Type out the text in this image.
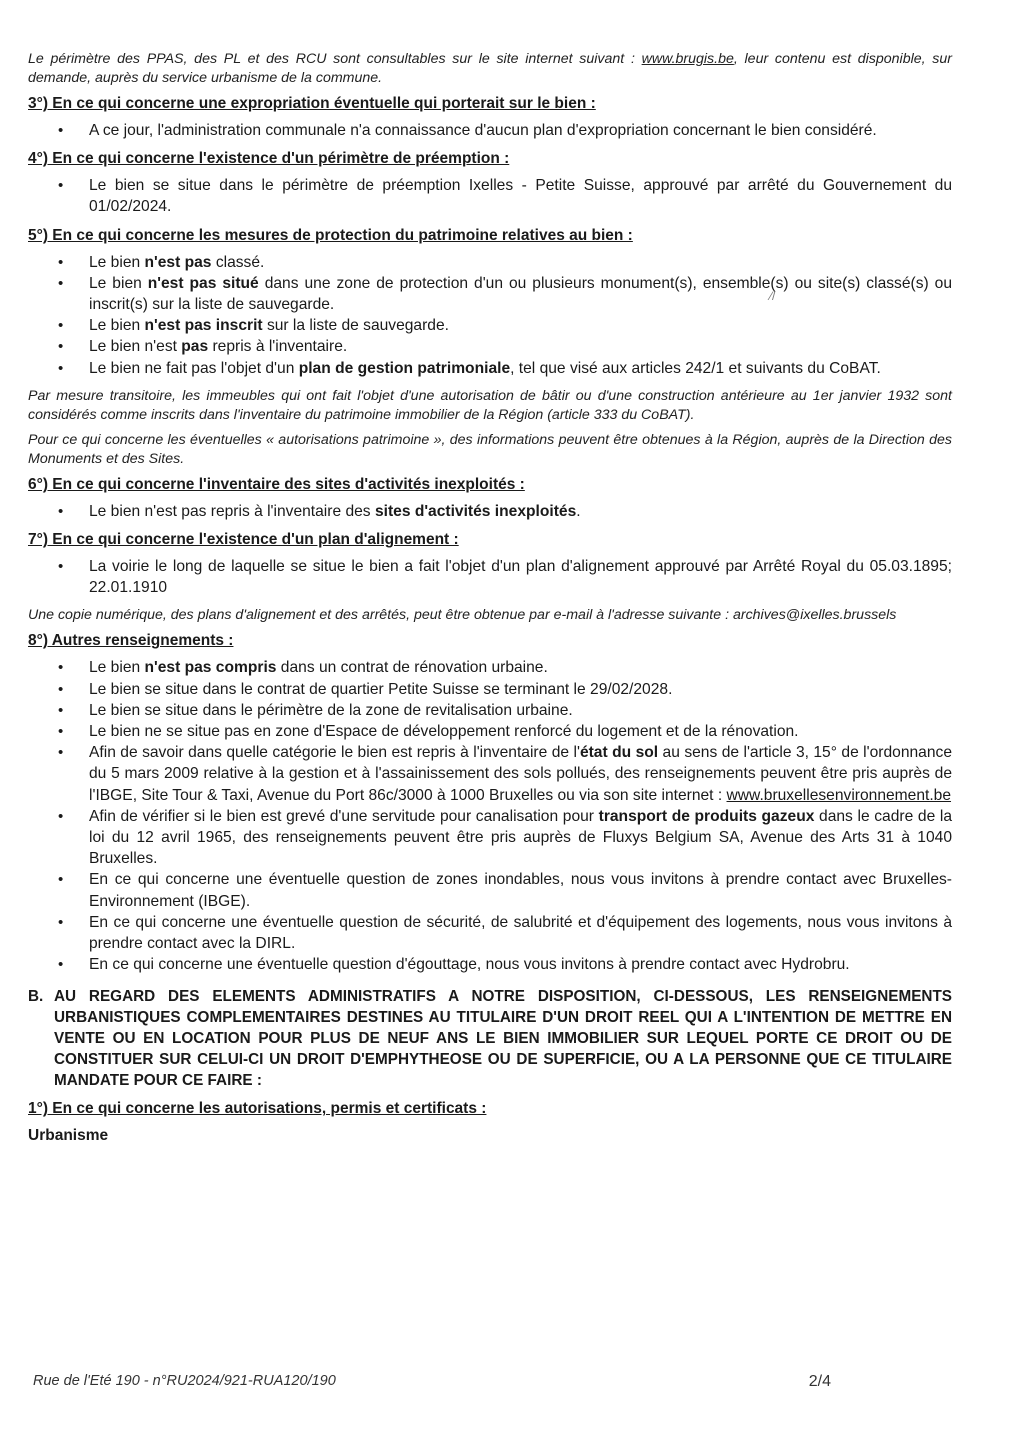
Le périmètre des PPAS, des PL et des RCU sont consultables sur le site internet suivant : www.brugis.be, leur contenu est disponible, sur demande, auprès du service urbanisme de la commune.

3°) En ce qui concerne une expropriation éventuelle qui porterait sur le bien :
• A ce jour, l'administration communale n'a connaissance d'aucun plan d'expropriation concernant le bien considéré.
4°) En ce qui concerne l'existence d'un périmètre de préemption :
• Le bien se situe dans le périmètre de préemption Ixelles - Petite Suisse, approuvé par arrêté du Gouvernement du 01/02/2024.
5°) En ce qui concerne les mesures de protection du patrimoine relatives au bien :
• Le bien n'est pas classé.
• Le bien n'est pas situé dans une zone de protection d'un ou plusieurs monument(s), ensemble(s) ou site(s) classé(s) ou inscrit(s) sur la liste de sauvegarde.
• Le bien n'est pas inscrit sur la liste de sauvegarde.
• Le bien n'est pas repris à l'inventaire.
• Le bien ne fait pas l'objet d'un plan de gestion patrimoniale, tel que visé aux articles 242/1 et suivants du CoBAT.

Par mesure transitoire, les immeubles qui ont fait l'objet d'une autorisation de bâtir ou d'une construction antérieure au 1er janvier 1932 sont considérés comme inscrits dans l'inventaire du patrimoine immobilier de la Région (article 333 du CoBAT).

Pour ce qui concerne les éventuelles « autorisations patrimoine », des informations peuvent être obtenues à la Région, auprès de la Direction des Monuments et des Sites.

6°) En ce qui concerne l'inventaire des sites d'activités inexploités :
• Le bien n'est pas repris à l'inventaire des sites d'activités inexploités.
7°) En ce qui concerne l'existence d'un plan d'alignement :
• La voirie le long de laquelle se situe le bien a fait l'objet d'un plan d'alignement approuvé par Arrêté Royal du 05.03.1895; 22.01.1910

Une copie numérique, des plans d'alignement et des arrêtés, peut être obtenue par e-mail à l'adresse suivante : archives@ixelles.brussels

8°) Autres renseignements :
• Le bien n'est pas compris dans un contrat de rénovation urbaine.
• Le bien se situe dans le contrat de quartier Petite Suisse se terminant le 29/02/2028.
• Le bien se situe dans le périmètre de la zone de revitalisation urbaine.
• Le bien ne se situe pas en zone d'Espace de développement renforcé du logement et de la rénovation.
• Afin de savoir dans quelle catégorie le bien est repris à l'inventaire de l'état du sol au sens de l'article 3, 15° de l'ordonnance du 5 mars 2009 relative à la gestion et à l'assainissement des sols pollués, des renseignements peuvent être pris auprès de l'IBGE, Site Tour & Taxi, Avenue du Port 86c/3000 à 1000 Bruxelles ou via son site internet : www.bruxellesenvironnement.be
• Afin de vérifier si le bien est grevé d'une servitude pour canalisation pour transport de produits gazeux dans le cadre de la loi du 12 avril 1965, des renseignements peuvent être pris auprès de Fluxys Belgium SA, Avenue des Arts 31 à 1040 Bruxelles.
• En ce qui concerne une éventuelle question de zones inondables, nous vous invitons à prendre contact avec Bruxelles-Environnement (IBGE).
• En ce qui concerne une éventuelle question de sécurité, de salubrité et d'équipement des logements, nous vous invitons à prendre contact avec la DIRL.
• En ce qui concerne une éventuelle question d'égouttage, nous vous invitons à prendre contact avec Hydrobru.
B. AU REGARD DES ELEMENTS ADMINISTRATIFS A NOTRE DISPOSITION, CI-DESSOUS, LES RENSEIGNEMENTS URBANISTIQUES COMPLEMENTAIRES DESTINES AU TITULAIRE D'UN DROIT REEL QUI A L'INTENTION DE METTRE EN VENTE OU EN LOCATION POUR PLUS DE NEUF ANS LE BIEN IMMOBILIER SUR LEQUEL PORTE CE DROIT OU DE CONSTITUER SUR CELUI-CI UN DROIT D'EMPHYTHEOSE OU DE SUPERFICIE, OU A LA PERSONNE QUE CE TITULAIRE MANDATE POUR CE FAIRE :
1°) En ce qui concerne les autorisations, permis et certificats :
Urbanisme
⁄/
Rue de l'Eté 190 - n°RU2024/921-RUA120/190	2/4
